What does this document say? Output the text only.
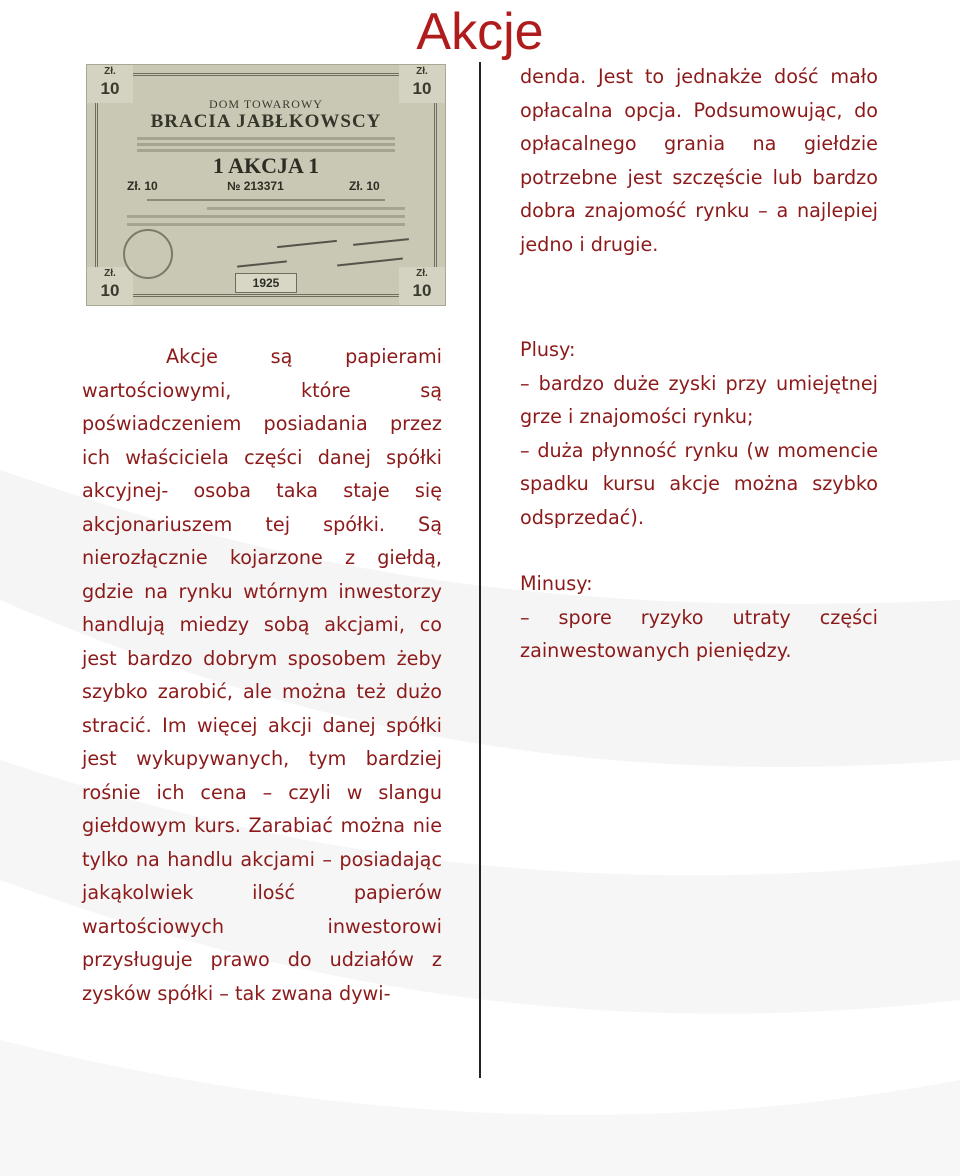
Akcje
Zł.
10
Zł.
10
Zł.
10
Zł.
10
DOM TOWAROWY
BRACIA JABŁKOWSCY
1 AKCJA 1
Zł. 10	№ 213371	Zł. 10
1925

Akcje są papierami wartościowymi, które są poświadczeniem posiadania przez ich właściciela części danej spółki akcyjnej- osoba taka staje się akcjonariuszem tej spółki. Są nierozłącznie kojarzone z giełdą, gdzie na rynku wtórnym inwestorzy handlują miedzy sobą akcjami, co jest bardzo dobrym sposobem żeby szybko zarobić, ale można też dużo stracić. Im więcej akcji danej spółki jest wykupywanych, tym bardziej rośnie ich cena – czyli w slangu giełdowym kurs. Zarabiać można nie tylko na handlu akcjami – posiadając jakąkolwiek ilość papierów wartościowych inwestorowi przysługuje prawo do udziałów z zysków spółki – tak zwana dywi-

denda. Jest to jednakże dość mało opłacalna opcja. Podsumowując, do opłacalnego grania na giełdzie potrzebne jest szczęście lub bardzo dobra znajomość rynku – a najlepiej jedno i drugie.

Plusy:

– bardzo duże zyski przy umiejętnej grze i znajomości rynku;

– duża płynność rynku (w momencie spadku kursu akcje można szybko odsprzedać).

Minusy:

– spore ryzyko utraty części zainwestowanych pieniędzy.
